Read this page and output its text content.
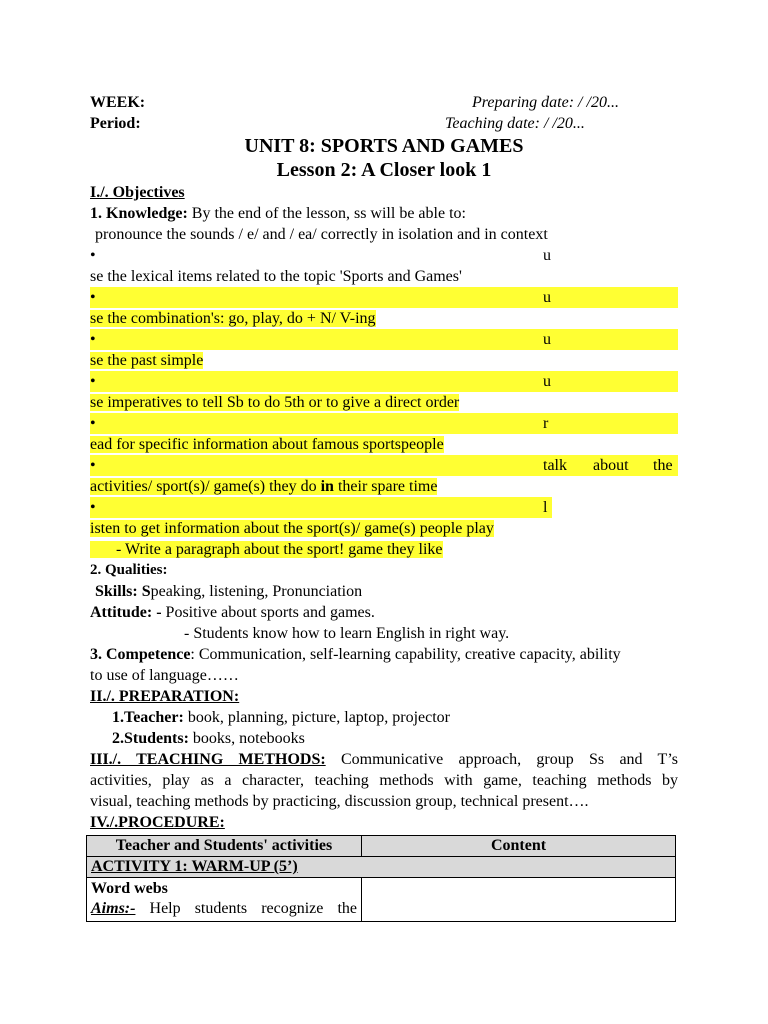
WEEK:	Preparing date: / /20...
Period:	Teaching date: / /20...
UNIT 8: SPORTS AND GAMES
Lesson 2: A Closer look 1
I./. Objectives
1. Knowledge: By the end of the lesson, ss will be able to:
pronounce the sounds / e/ and / ea/ correctly in isolation and in context
•	u
se the lexical items related to the topic 'Sports and Games'
•	u
se the combination's: go, play, do + N/ V-ing
•	u
se the past simple
•	u
se imperatives to tell Sb to do 5th or to give a direct order
•	r
ead for specific information about famous sportspeople
•	talk about the
activities/ sport(s)/ game(s) they do in their spare time
•	l
isten to get information about the sport(s)/ game(s) people play
- Write a paragraph about the sport! game they like
2. Qualities:
Skills: Speaking, listening, Pronunciation
Attitude: - Positive about sports and games.
- Students know how to learn English in right way.
3. Competence: Communication, self-learning capability, creative capacity, ability
to use of language……
II./. PREPARATION:
1.Teacher: book, planning, picture, laptop, projector
2.Students: books, notebooks
III./. TEACHING METHODS: Communicative approach, group Ss and T’s
activities, play as a character, teaching methods with game, teaching methods by
visual, teaching methods by practicing, discussion group, technical present….
IV./.PROCEDURE:
Teacher and Students' activities	Content
ACTIVITY 1: WARM-UP (5’)	

Word webs
Aims:- Help students recognize the	
